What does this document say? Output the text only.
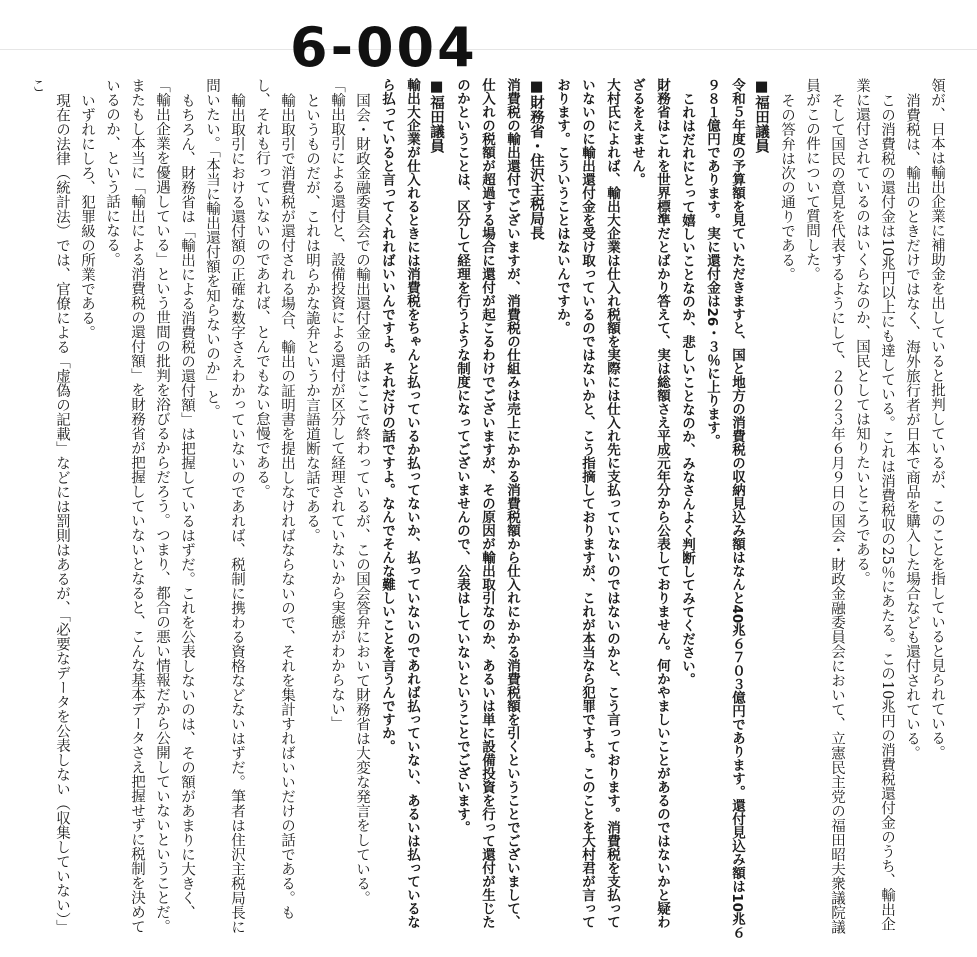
6-004

領が、日本は輸出企業に補助金を出していると批判しているが、このことを指していると見られている。

消費税は、輸出のときだけではなく、海外旅行者が日本で商品を購入した場合なども還付されている。

この消費税の還付金は10兆円以上にも達している。これは消費税収の25％にあたる。この10兆円の消費税還付金のうち、輸出企業に還付されているのはいくらなのか、国民としては知りたいところである。

そして国民の意見を代表するようにして、２０２３年６月９日の国会・財政金融委員会において、立憲民主党の福田昭夫衆議院議員がこの件について質問した。

その答弁は次の通りである。

■福田議員

令和５年度の予算額を見ていただきますと、国と地方の消費税の収納見込み額はなんと40兆６７０３億円であります。還付見込み額は10兆６９８１億円であります。実に還付金は26・３％に上ります。

これはだれにとって嬉しいことなのか、悲しいことなのか、みなさんよく判断してみてください。

財務省はこれを世界標準だとばかり答えて、実は総額さえ平成元年分から公表しておりません。何かやましいことがあるのではないかと疑わざるをえません。

大村氏によれば、輸出大企業は仕入れ税額を実際には仕入れ先に支払っていないのではないのかと、こう言っております。消費税を支払っていないのに輸出還付金を受け取っているのではないかと、こう指摘しておりますが、これが本当なら犯罪ですよ。このことを大村君が言っております。こういうことはないんですか。

■財務省・住沢主税局長

消費税の輸出還付でございますが、消費税の仕組みは売上にかかる消費税額から仕入れにかかる消費税額を引くということでございまして、仕入れの税額が超過する場合に還付が起こるわけでございますが、その原因が輸出取引なのか、あるいは単に設備投資を行って還付が生じたのかということは、区分して経理を行うような制度になってございませんので、公表はしていないということでございます。

■福田議員

輸出大企業が仕入れるときには消費税をちゃんと払っているか払ってないか、払っていないのであれば払っていない、あるいは払っているなら払っていると言ってくれればいいんですよ。それだけの話ですよ。なんでそんな難しいことを言うんですか。

国会・財政金融委員会での輸出還付金の話はここで終わっているが、この国会答弁において財務省は大変な発言をしている。

「輸出取引による還付と、設備投資による還付が区分して経理されていないから実態がわからない」

というものだが、これは明らかな詭弁というか言語道断な話である。

輸出取引で消費税が還付される場合、輸出の証明書を提出しなければならないので、それを集計すればいいだけの話である。もし、それも行っていないのであれば、とんでもない怠慢である。

輸出取引における還付額の正確な数字さえわかっていないのであれば、税制に携わる資格などないはずだ。筆者は住沢主税局長に問いたい。「本当に輸出還付額を知らないのか」と。

もちろん、財務省は「輸出による消費税の還付額」は把握しているはずだ。これを公表しないのは、その額があまりに大きく、「輸出企業を優遇している」という世間の批判を浴びるからだろう。つまり、都合の悪い情報だから公開していないということだ。

またもし本当に「輸出による消費税の還付額」を財務省が把握していないとなると、こんな基本データさえ把握せずに税制を決めているのか、という話になる。

いずれにしろ、犯罪級の所業である。

現在の法律（統計法）では、官僚による「虚偽の記載」などには罰則はあるが、「必要なデータを公表しない（収集していない）」こ
